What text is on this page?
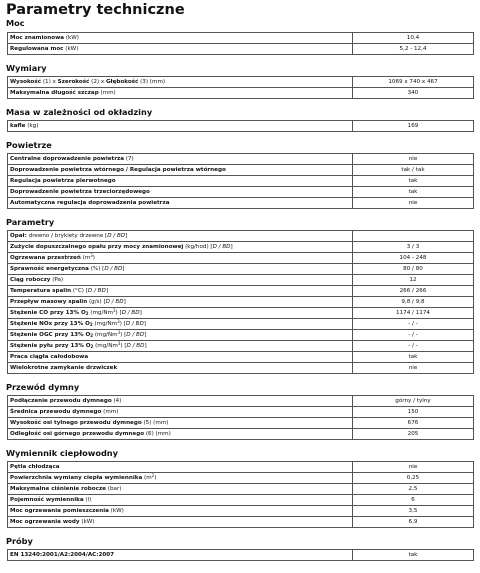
Parametry techniczne
Moc
Moc znamionowa (kW)	10,4
Regulowana moc (kW)	5,2 - 12,4
Wymiary
Wysokość (1) x Szerokość (2) x Głębokość (3) (mm)	1069 x 740 x 467
Maksymalna długość szczap (mm)	340
Masa w zależności od okładziny
kafle (kg)	169
Powietrze
Centralne doprowadzenie powietrza (7)	nie
Doprowadzenie powietrza wtórnego / Regulacja powietrza wtórnego	tak / tak
Regulacja powietrza pierwotnego	tak
Doprowadzenie powietrza trzeciorzędowego	tak
Automatyczna regulacja doprowadzenia powietrza	nie
Parametry
Opał: drewno / brykiety drzewne [D / BD]	
Zużycie dopuszczalnego opału przy mocy znamionowej (kg/hod) [D / BD]	3 / 3
Ogrzewana przestrzeń $(m^3)$	104 - 248
Sprawność energetyczna (%) [D / BD]	80 / 80
Ciąg roboczy (Pa)	12
Temperatura spalin (°C) [D / BD]	266 / 266
Przepływ masowy spalin (g/s) [D / BD]	9,8 / 9,8
Stężenie CO przy 13% $O_2$ (mg/Nm$^3$) [D / BD]	1174 / 1174
Stężenie NOx przy 13% $O_2$ (mg/Nm$^3$) [D / BD]	- / -
Stężenie OGC przy 13% $O_2$ (mg/Nm$^3$) [D / BD]	- / -
Stężenie pyłu przy 13% $O_2$ (mg/Nm$^3$) [D / BD]	- / -
Praca ciągła całodobowa	tak
Wielokrotne zamykanie drzwiczek	nie
Przewód dymny
Podłączenie przewodu dymnego (4)	górny / tylny
Średnica przewodu dymnego (mm)	150
Wysokość osi tylnego przewodu dymnego (5) (mm)	676
Odległość osi górnego przewodu dymnego (6) (mm)	205
Wymiennik ciepłowodny
Pętla chłodząca	nie
Powierzchnia wymiany ciepła wymiennika $(m^2)$	0,25
Maksymalne ciśnienie robocze (bar)	2,5
Pojemność wymiennika (l)	6
Moc ogrzewania pomieszczenia (kW)	3,5
Moc ogrzewania wody (kW)	6,9
Próby
EN 13240:2001/A2:2004/AC:2007	tak
